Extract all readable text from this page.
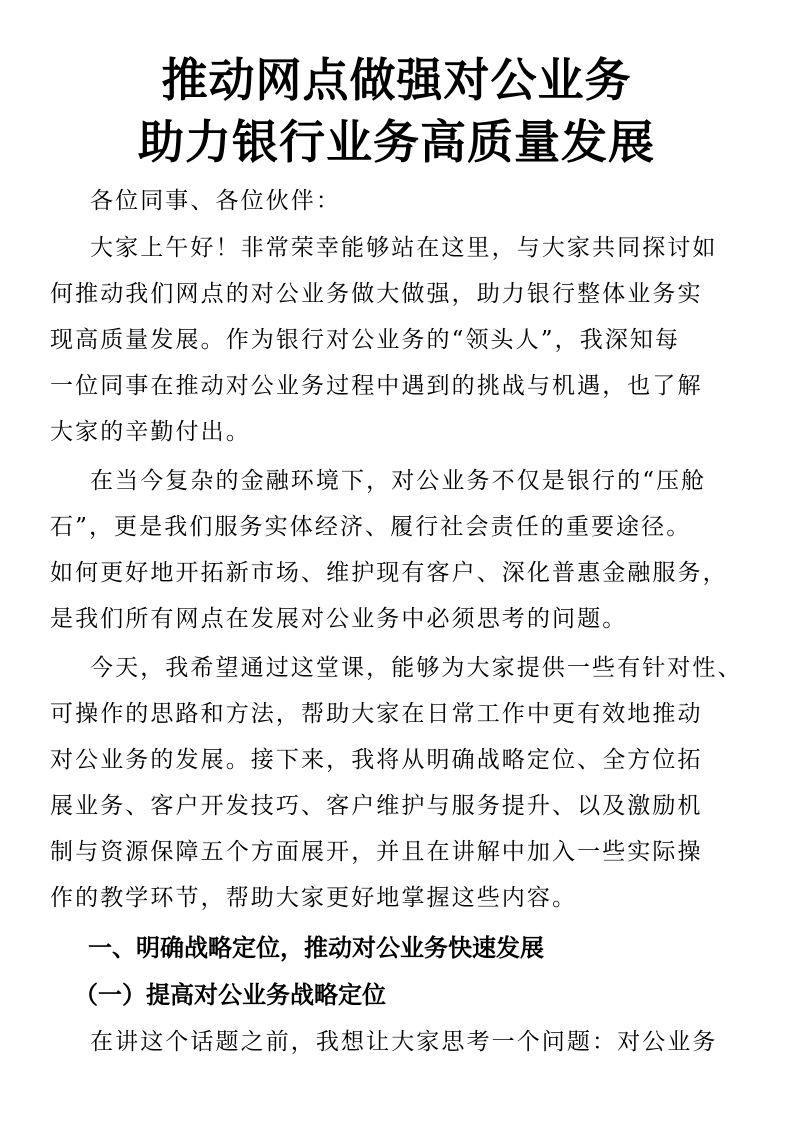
推动网点做强对公业务
助力银行业务高质量发展
各位同事、各位伙伴：
大家上午好！非常荣幸能够站在这里，与大家共同探讨如
何推动我们网点的对公业务做大做强，助力银行整体业务实
现高质量发展。作为银行对公业务的“领头人”，我深知每
一位同事在推动对公业务过程中遇到的挑战与机遇，也了解
大家的辛勤付出。
在当今复杂的金融环境下，对公业务不仅是银行的“压舱
石”，更是我们服务实体经济、履行社会责任的重要途径。
如何更好地开拓新市场、维护现有客户、深化普惠金融服务，
是我们所有网点在发展对公业务中必须思考的问题。
今天，我希望通过这堂课，能够为大家提供一些有针对性、
可操作的思路和方法，帮助大家在日常工作中更有效地推动
对公业务的发展。接下来，我将从明确战略定位、全方位拓
展业务、客户开发技巧、客户维护与服务提升、以及激励机
制与资源保障五个方面展开，并且在讲解中加入一些实际操
作的教学环节，帮助大家更好地掌握这些内容。
一、明确战略定位，推动对公业务快速发展
（一）提高对公业务战略定位
在讲这个话题之前，我想让大家思考一个问题：对公业务
